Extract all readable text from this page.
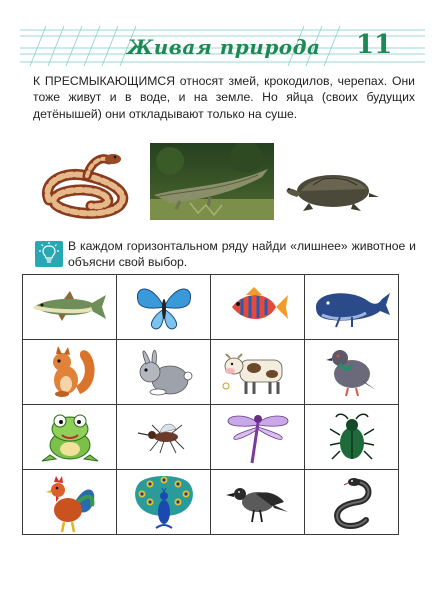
Живая природа 11

К ПРЕСМЫКАЮЩИМСЯ относят змей, крокодилов, черепах. Они тоже живут и в воде, и на земле. Но яйца (своих будущих детёнышей) они откладывают только на суше.

В каждом горизонтальном ряду найди «лишнее» животное и объясни свой выбор.
